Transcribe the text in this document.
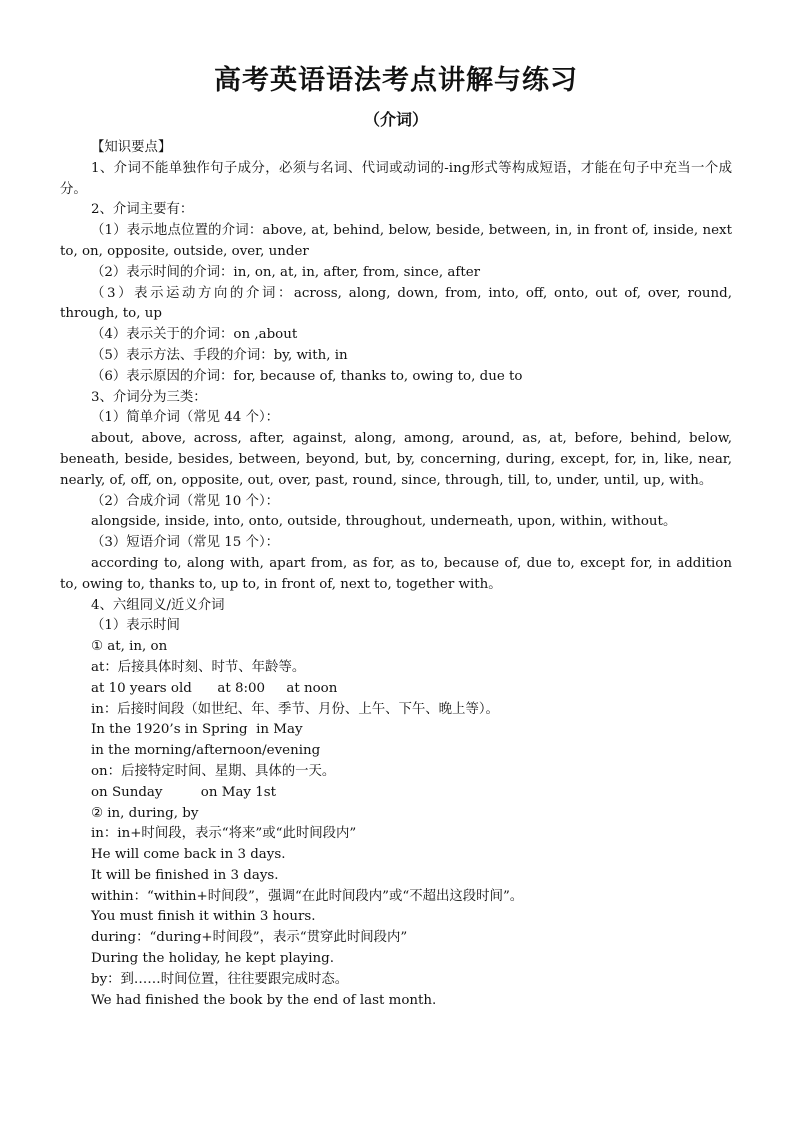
高考英语语法考点讲解与练习
（介词）
【知识要点】
1、介词不能单独作句子成分，必须与名词、代词或动词的-ing形式等构成短语，才能在句子中充当一个成分。
2、介词主要有：
（1）表示地点位置的介词：above, at, behind, below, beside, between, in, in front of, inside, next to, on, opposite, outside, over, under
（2）表示时间的介词：in, on, at, in, after, from, since, after
（3）表示运动方向的介词：across, along, down, from, into, off, onto, out of, over, round, through, to, up
（4）表示关于的介词：on ,about
（5）表示方法、手段的介词：by, with, in
（6）表示原因的介词：for, because of, thanks to, owing to, due to
3、介词分为三类：
（1）简单介词（常见 44 个）：
about, above, across, after, against, along, among, around, as, at, before, behind, below, beneath, beside, besides, between, beyond, but, by, concerning, during, except, for, in, like, near, nearly, of, off, on, opposite, out, over, past, round, since, through, till, to, under, until, up, with。
（2）合成介词（常见 10 个）：
alongside, inside, into, onto, outside, throughout, underneath, upon, within, without。
（3）短语介词（常见 15 个）：
according to, along with, apart from, as for, as to, because of, due to, except for, in addition to, owing to, thanks to, up to, in front of, next to, together with。
4、六组同义/近义介词
（1）表示时间
① at, in, on
at：后接具体时刻、时节、年龄等。
at 10 years old      at 8:00     at noon
in：后接时间段（如世纪、年、季节、月份、上午、下午、晚上等）。
In the 1920’s in Spring  in May
in the morning/afternoon/evening
on：后接特定时间、星期、具体的一天。
on Sunday         on May 1st
② in, during, by
in：in+时间段，表示“将来”或“此时间段内”
He will come back in 3 days.
It will be finished in 3 days.
within：“within+时间段”，强调“在此时间段内”或“不超出这段时间”。
You must finish it within 3 hours.
during：“during+时间段”，表示“贯穿此时间段内”
During the holiday, he kept playing.
by：到……时间位置，往往要跟完成时态。
We had finished the book by the end of last month.
